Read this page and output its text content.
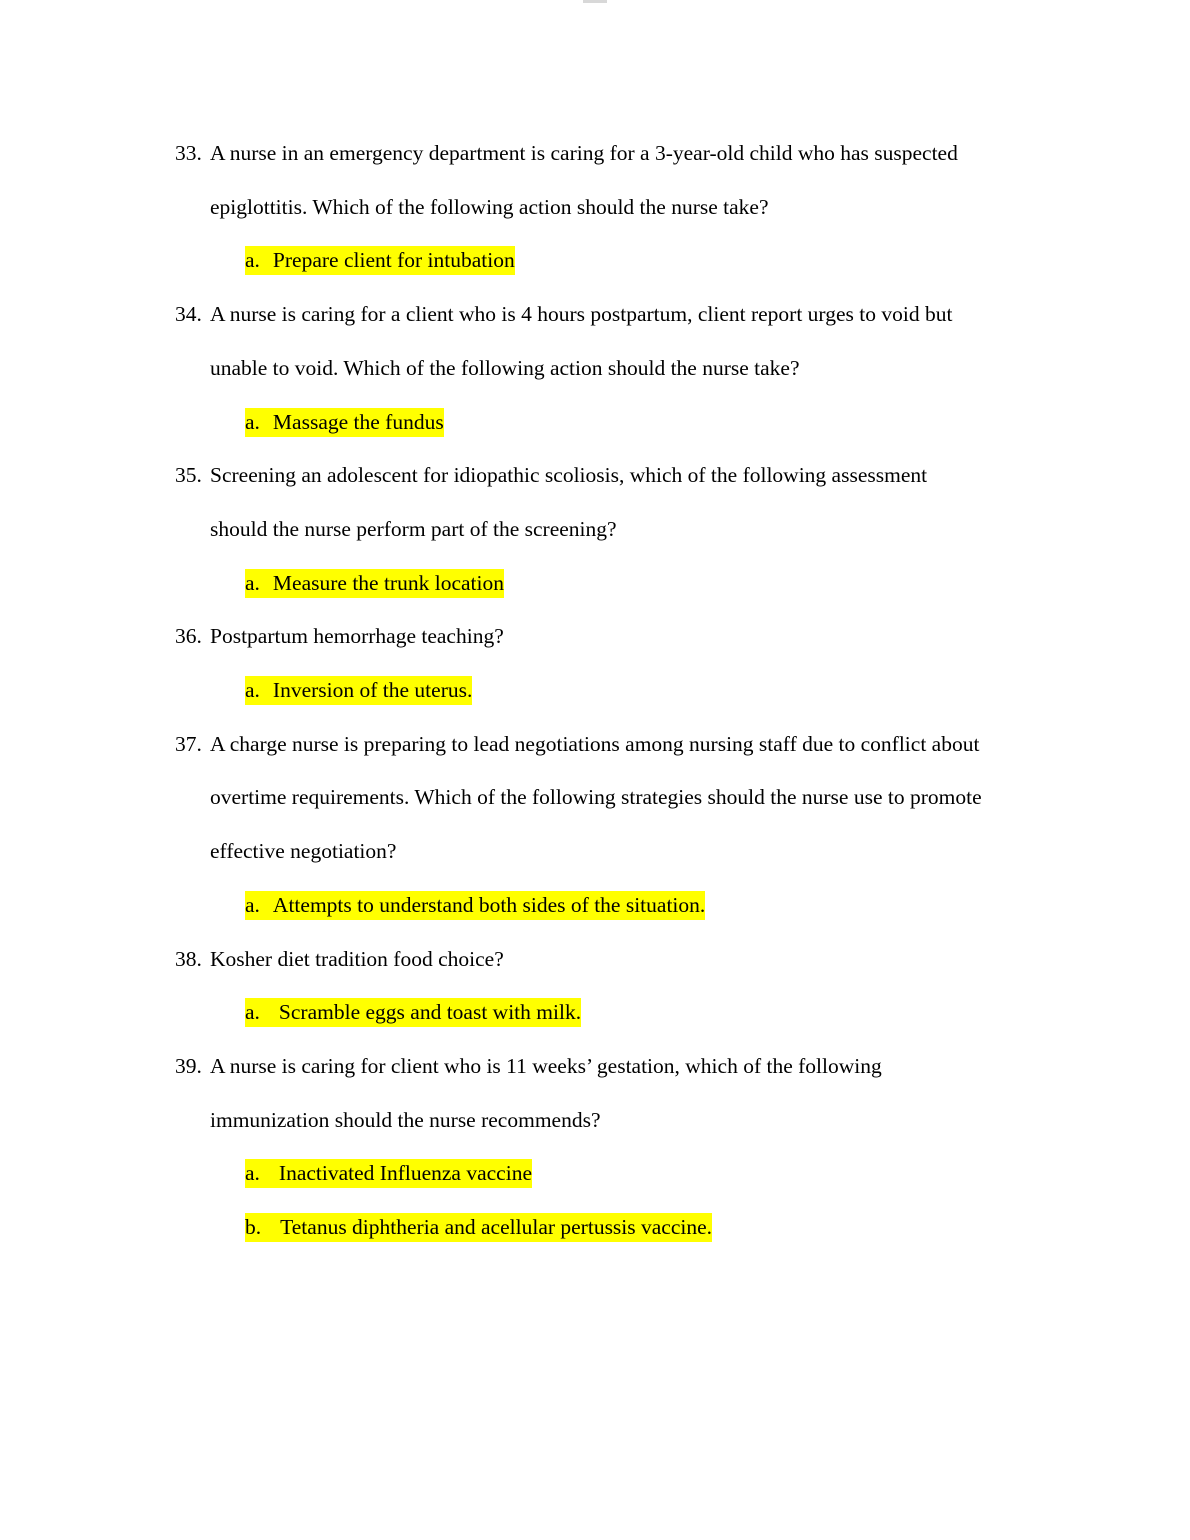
33. A nurse in an emergency department is caring for a 3-year-old child who has suspected
epiglottitis. Which of the following action should the nurse take?
a. Prepare client for intubation
34. A nurse is caring for a client who is 4 hours postpartum, client report urges to void but
unable to void. Which of the following action should the nurse take?
a. Massage the fundus
35. Screening an adolescent for idiopathic scoliosis, which of the following assessment
should the nurse perform part of the screening?
a. Measure the trunk location
36. Postpartum hemorrhage teaching?
a. Inversion of the uterus.
37. A charge nurse is preparing to lead negotiations among nursing staff due to conflict about
overtime requirements. Which of the following strategies should the nurse use to promote
effective negotiation?
a. Attempts to understand both sides of the situation.
38. Kosher diet tradition food choice?
a. Scramble eggs and toast with milk.
39. A nurse is caring for client who is 11 weeks’ gestation, which of the following
immunization should the nurse recommends?
a. Inactivated Influenza vaccine
b. Tetanus diphtheria and acellular pertussis vaccine.
